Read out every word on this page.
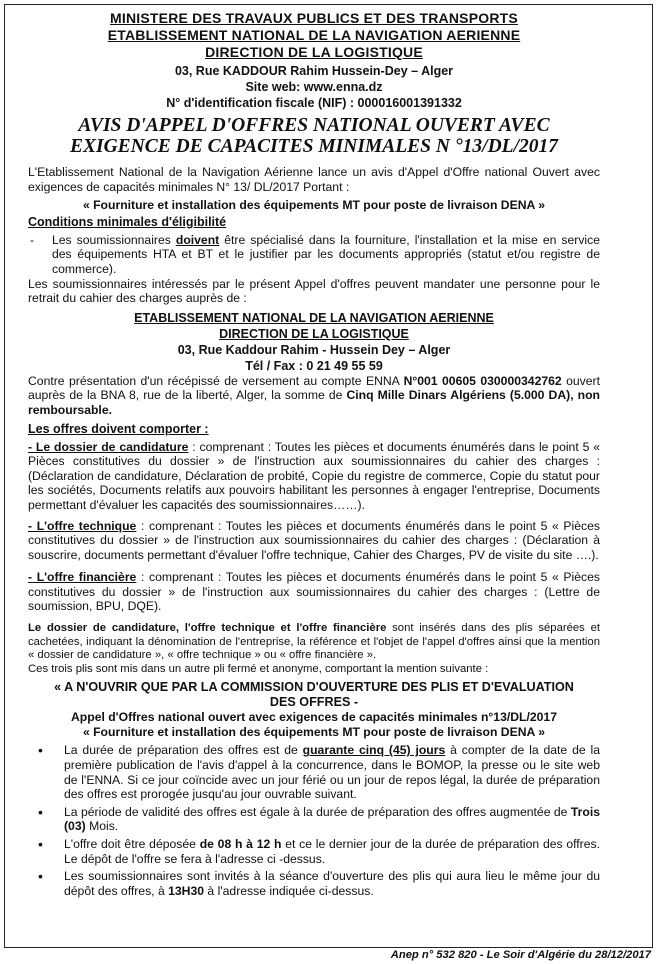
MINISTERE DES TRAVAUX PUBLICS ET DES TRANSPORTS
ETABLISSEMENT NATIONAL DE LA NAVIGATION AERIENNE
DIRECTION DE LA LOGISTIQUE
03, Rue KADDOUR Rahim Hussein-Dey – Alger
Site web: www.enna.dz
N° d'identification fiscale (NIF) : 000016001391332
AVIS D'APPEL D'OFFRES NATIONAL OUVERT AVEC
EXIGENCE DE CAPACITES MINIMALES N °13/DL/2017

L'Etablissement National de la Navigation Aérienne lance un avis d'Appel d'Offre national Ouvert avec exigences de capacités minimales N° 13/ DL/2017 Portant :

« Fourniture et installation des équipements MT pour poste de livraison DENA »

Conditions minimales d'éligibilité
-	Les soumissionnaires doivent être spécialisé dans la fourniture, l'installation et la mise en service des équipements HTA et BT et le justifier par les documents appropriés (statut et/ou registre de commerce).

Les soumissionnaires intéressés par le présent Appel d'offres peuvent mandater une personne pour le retrait du cahier des charges auprès de :

ETABLISSEMENT NATIONAL DE LA NAVIGATION AERIENNE
DIRECTION DE LA LOGISTIQUE
03, Rue Kaddour Rahim - Hussein Dey – Alger
Tél / Fax : 0 21 49 55 59

Contre présentation d'un récépissé de versement au compte ENNA N°001 00605 030000342762 ouvert auprès de la BNA 8, rue de la liberté, Alger, la somme de Cinq Mille Dinars Algériens (5.000 DA), non remboursable.

Les offres doivent comporter :

- Le dossier de candidature : comprenant : Toutes les pièces et documents énumérés dans le point 5 « Pièces constitutives du dossier » de l'instruction aux soumissionnaires du cahier des charges : (Déclaration de candidature, Déclaration de probité, Copie du registre de commerce, Copie du statut pour les sociétés, Documents relatifs aux pouvoirs habilitant les personnes à engager l'entreprise, Documents permettant d'évaluer les capacités des soumissionnaires……).

- L'offre technique : comprenant : Toutes les pièces et documents énumérés dans le point 5 « Pièces constitutives du dossier » de l'instruction aux soumissionnaires du cahier des charges : (Déclaration à souscrire, documents permettant d'évaluer l'offre technique, Cahier des Charges, PV de visite du site ….).

- L'offre financière : comprenant : Toutes les pièces et documents énumérés dans le point 5 « Pièces constitutives du dossier » de l'instruction aux soumissionnaires du cahier des charges : (Lettre de soumission, BPU, DQE).

Le dossier de candidature, l'offre technique et l'offre financière sont insérés dans des plis séparées et cachetées, indiquant la dénomination de l'entreprise, la référence et l'objet de l'appel d'offres ainsi que la mention « dossier de candidature », « offre technique » ou « offre financière ».

Ces trois plis sont mis dans un autre pli fermé et anonyme, comportant la mention suivante :

« A N'OUVRIR QUE PAR LA COMMISSION D'OUVERTURE DES PLIS ET D'EVALUATION
DES OFFRES -
Appel d'Offres national ouvert avec exigences de capacités minimales n°13/DL/2017
« Fourniture et installation des équipements MT pour poste de livraison DENA »
•	La durée de préparation des offres est de guarante cinq (45) jours à compter de la date de la première publication de l'avis d'appel à la concurrence, dans le BOMOP, la presse ou le site web de l'ENNA. Si ce jour coïncide avec un jour férié ou un jour de repos légal, la durée de préparation des offres est prorogée jusqu'au jour ouvrable suivant.
•	La période de validité des offres est égale à la durée de préparation des offres augmentée de Trois (03) Mois.
•	L'offre doit être déposée de 08 h à 12 h et ce le dernier jour de la durée de préparation des offres. Le dépôt de l'offre se fera à l'adresse ci -dessus.
•	Les soumissionnaires sont invités à la séance d'ouverture des plis qui aura lieu le même jour du dépôt des offres, à 13H30 à l'adresse indiquée ci-dessus.
Anep n° 532 820 - Le Soir d'Algérie du 28/12/2017
